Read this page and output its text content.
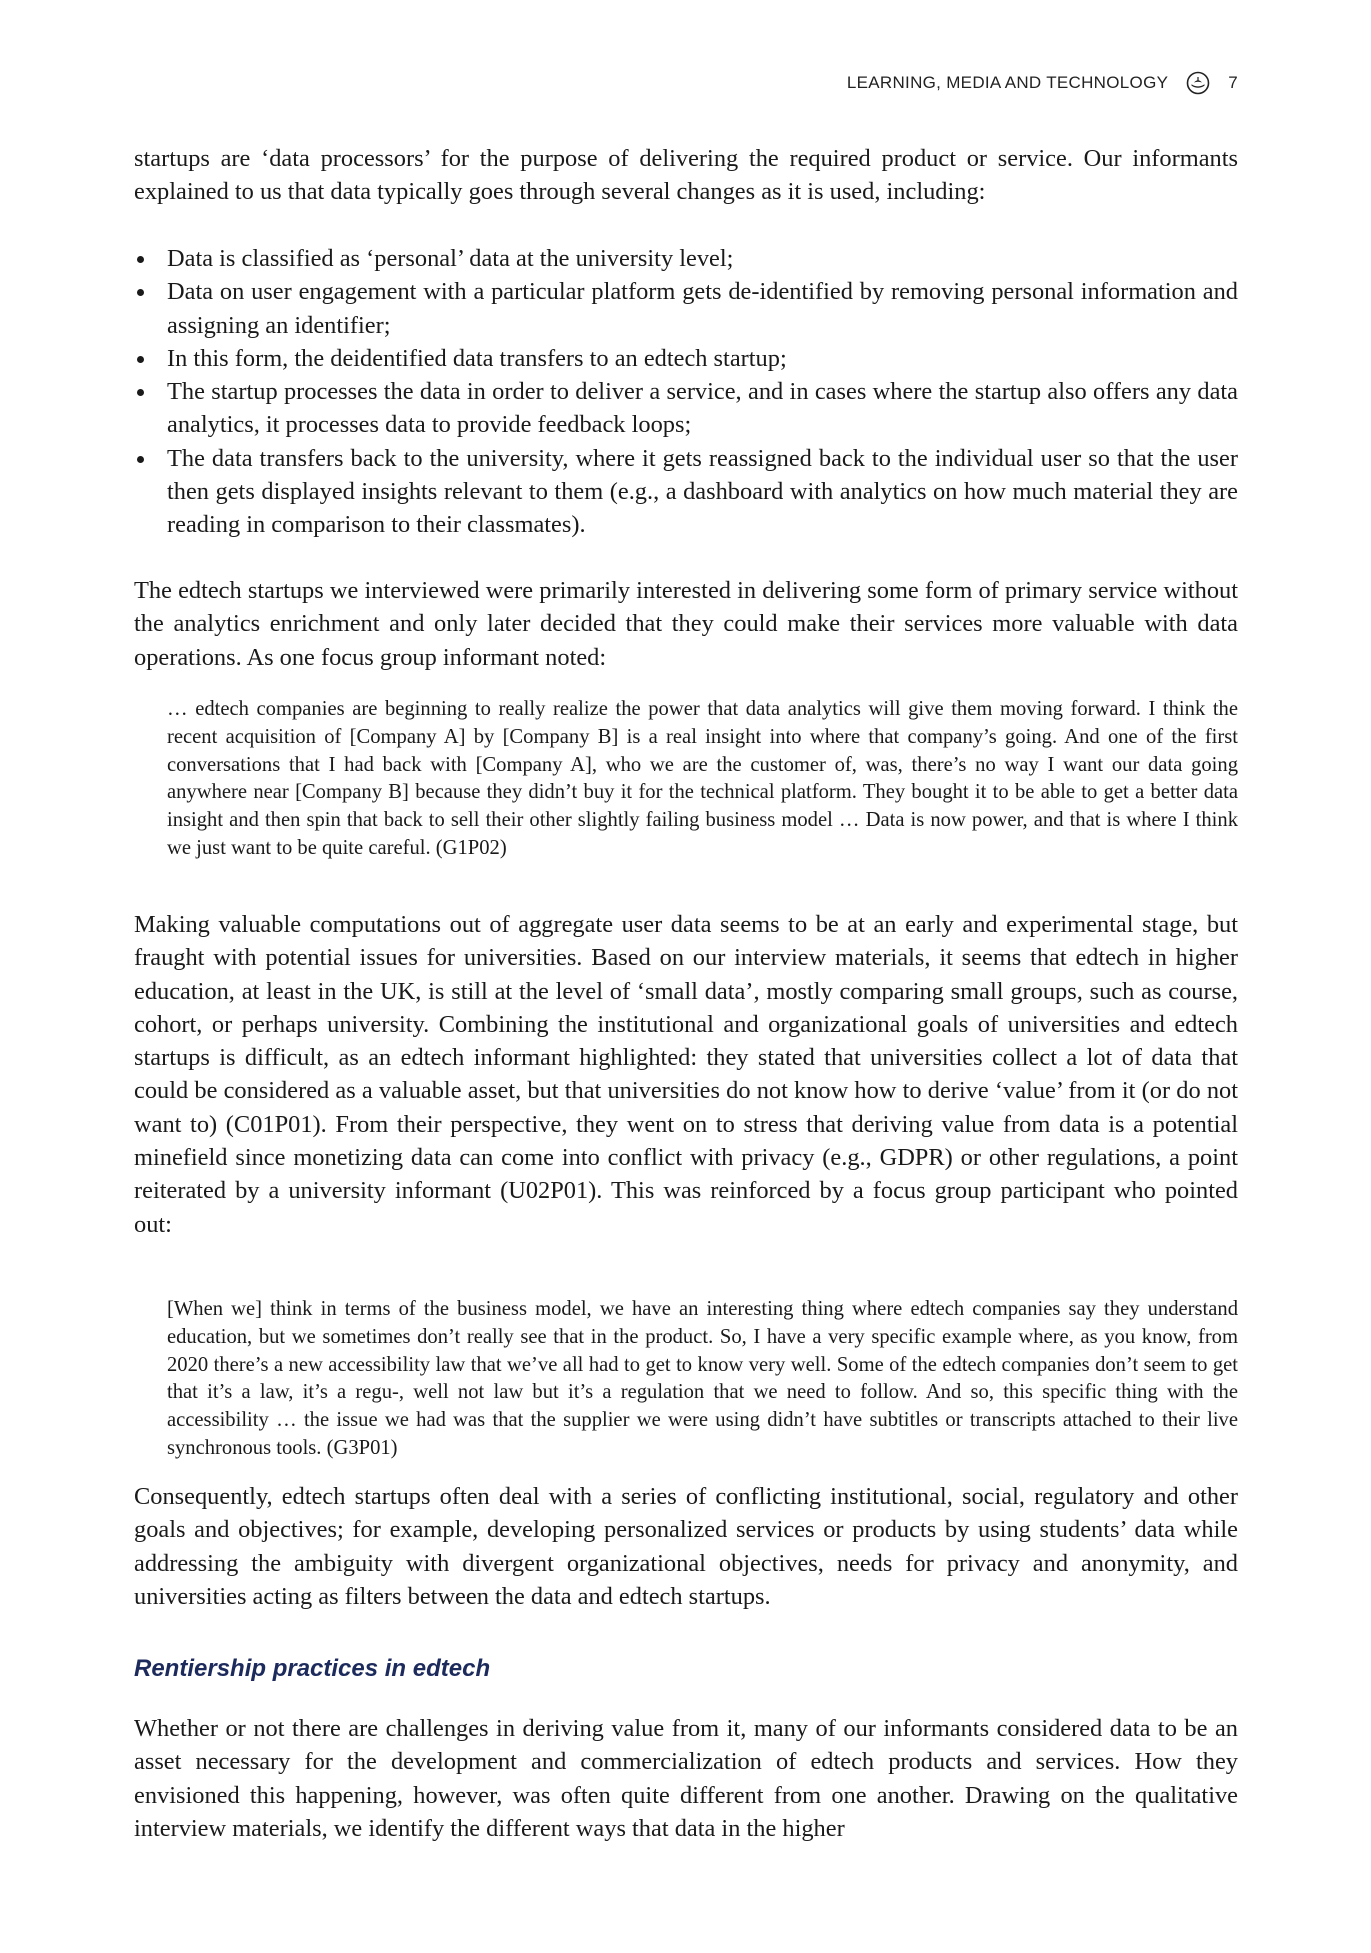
LEARNING, MEDIA AND TECHNOLOGY	7

startups are ‘data processors’ for the purpose of delivering the required product or service. Our informants explained to us that data typically goes through several changes as it is used, including:

Data is classified as ‘personal’ data at the university level;
Data on user engagement with a particular platform gets de-identified by removing personal information and assigning an identifier;
In this form, the deidentified data transfers to an edtech startup;
The startup processes the data in order to deliver a service, and in cases where the startup also offers any data analytics, it processes data to provide feedback loops;
The data transfers back to the university, where it gets reassigned back to the individual user so that the user then gets displayed insights relevant to them (e.g., a dashboard with analytics on how much material they are reading in comparison to their classmates).

The edtech startups we interviewed were primarily interested in delivering some form of primary service without the analytics enrichment and only later decided that they could make their services more valuable with data operations. As one focus group informant noted:

… edtech companies are beginning to really realize the power that data analytics will give them moving forward. I think the recent acquisition of [Company A] by [Company B] is a real insight into where that company’s going. And one of the first conversations that I had back with [Company A], who we are the customer of, was, there’s no way I want our data going anywhere near [Company B] because they didn’t buy it for the technical platform. They bought it to be able to get a better data insight and then spin that back to sell their other slightly failing business model … Data is now power, and that is where I think we just want to be quite careful. (G1P02)

Making valuable computations out of aggregate user data seems to be at an early and experimental stage, but fraught with potential issues for universities. Based on our interview materials, it seems that edtech in higher education, at least in the UK, is still at the level of ‘small data’, mostly comparing small groups, such as course, cohort, or perhaps university. Combining the institutional and organizational goals of universities and edtech startups is difficult, as an edtech informant highlighted: they stated that universities collect a lot of data that could be considered as a valuable asset, but that universities do not know how to derive ‘value’ from it (or do not want to) (C01P01). From their perspective, they went on to stress that deriving value from data is a potential minefield since monetizing data can come into conflict with privacy (e.g., GDPR) or other regulations, a point reiterated by a university informant (U02P01). This was reinforced by a focus group participant who pointed out:

[When we] think in terms of the business model, we have an interesting thing where edtech companies say they understand education, but we sometimes don’t really see that in the product. So, I have a very specific example where, as you know, from 2020 there’s a new accessibility law that we’ve all had to get to know very well. Some of the edtech companies don’t seem to get that it’s a law, it’s a regu-, well not law but it’s a regulation that we need to follow. And so, this specific thing with the accessibility … the issue we had was that the supplier we were using didn’t have subtitles or transcripts attached to their live synchronous tools. (G3P01)

Consequently, edtech startups often deal with a series of conflicting institutional, social, regulatory and other goals and objectives; for example, developing personalized services or products by using students’ data while addressing the ambiguity with divergent organizational objectives, needs for privacy and anonymity, and universities acting as filters between the data and edtech startups.

Rentiership practices in edtech

Whether or not there are challenges in deriving value from it, many of our informants considered data to be an asset necessary for the development and commercialization of edtech products and services. How they envisioned this happening, however, was often quite different from one another. Drawing on the qualitative interview materials, we identify the different ways that data in the higher
